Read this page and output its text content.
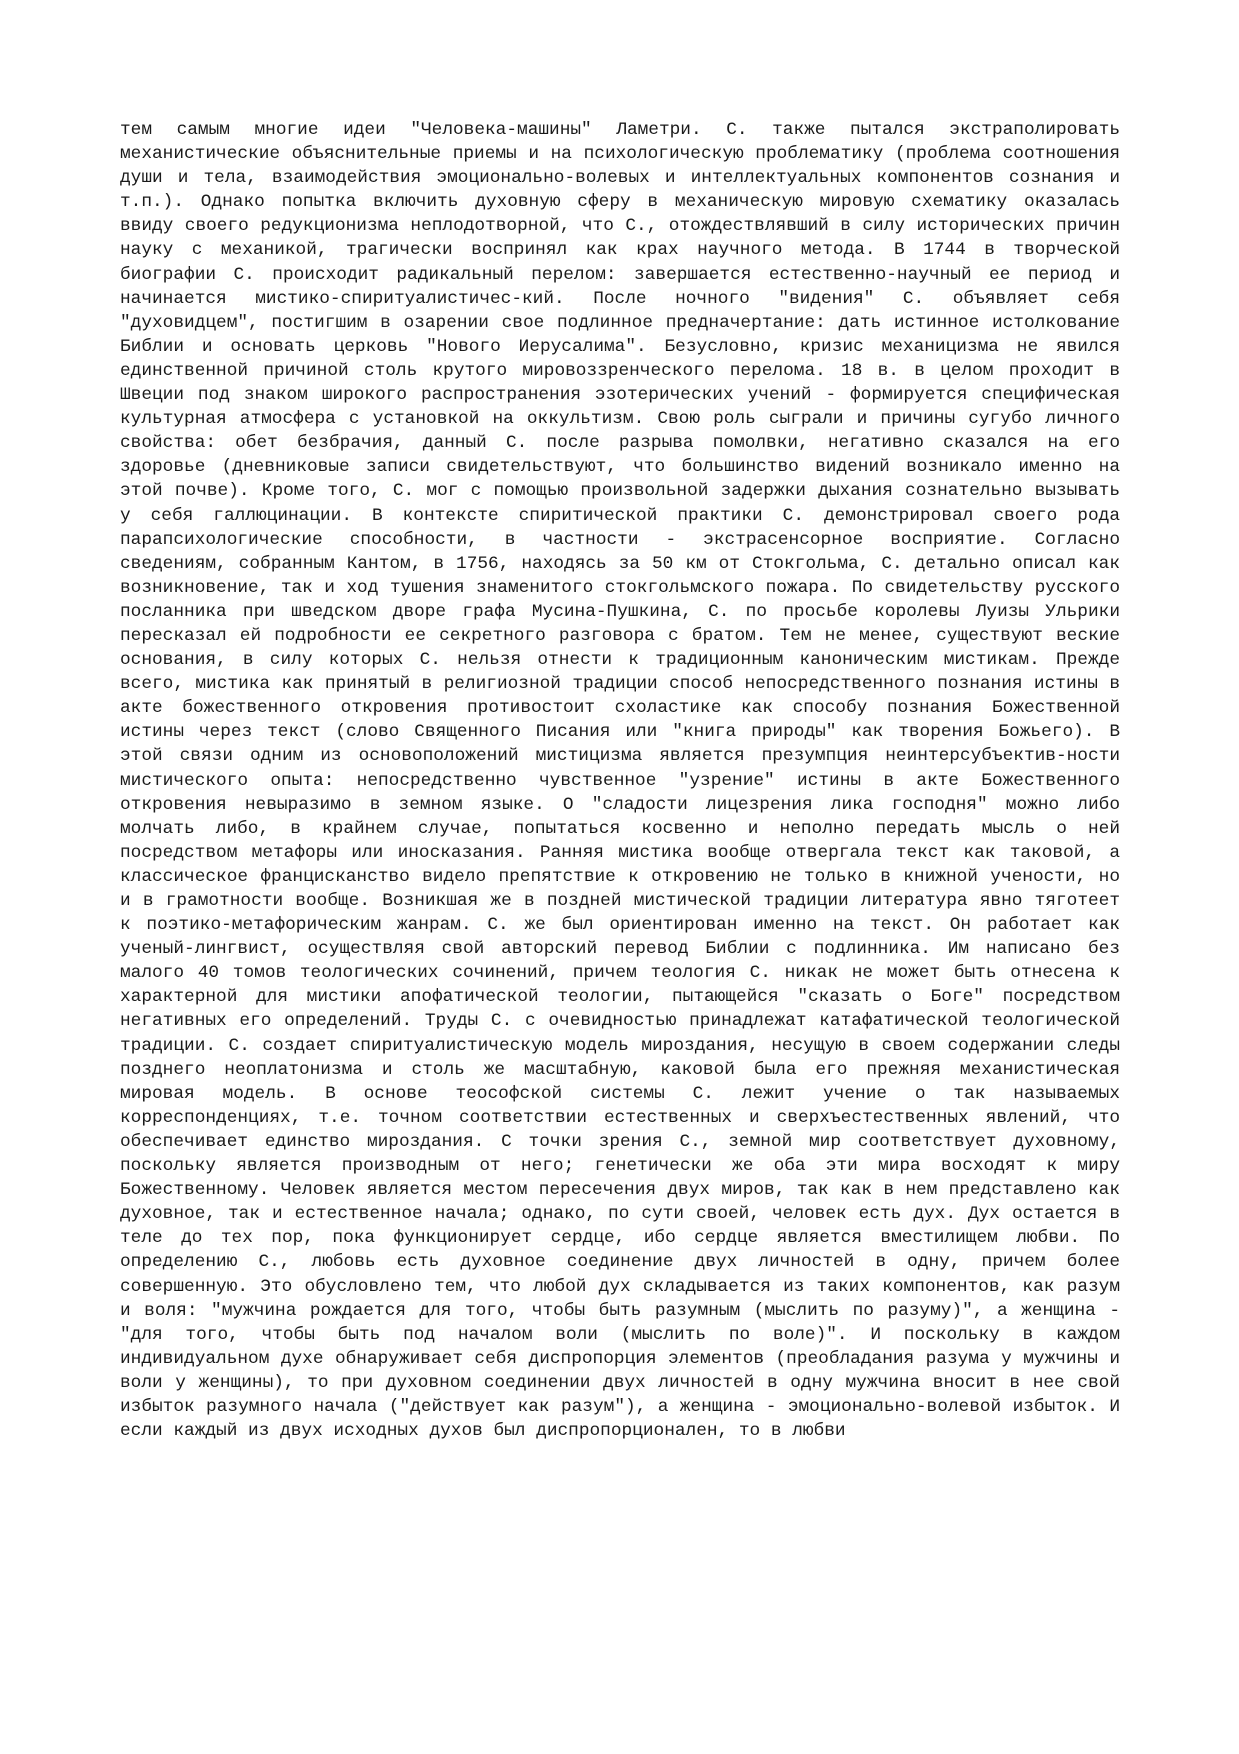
тем самым многие идеи "Человека-машины" Ламетри. С. также пытался экстраполировать механистические объяснительные приемы и на психологическую проблематику (проблема соотношения души и тела, взаимодействия эмоционально-волевых и интеллектуальных компонентов сознания и т.п.). Однако попытка включить духовную сферу в механическую мировую схематику оказалась ввиду своего редукционизма неплодотворной, что С., отождествлявший в силу исторических причин науку с механикой, трагически воспринял как крах научного метода. В 1744 в творческой биографии С. происходит радикальный перелом: завершается естественно-научный ее период и начинается мистико-спиритуалистичес-кий. После ночного "видения" С. объявляет себя "духовидцем", постигшим в озарении свое подлинное предначертание: дать истинное истолкование Библии и основать церковь "Нового Иерусалима". Безусловно, кризис механицизма не явился единственной причиной столь крутого мировоззренческого перелома. 18 в. в целом проходит в Швеции под знаком широкого распространения эзотерических учений - формируется специфическая культурная атмосфера с установкой на оккультизм. Свою роль сыграли и причины сугубо личного свойства: обет безбрачия, данный С. после разрыва помолвки, негативно сказался на его здоровье (дневниковые записи свидетельствуют, что большинство видений возникало именно на этой почве). Кроме того, С. мог с помощью произвольной задержки дыхания сознательно вызывать у себя галлюцинации. В контексте спиритической практики С. демонстрировал своего рода парапсихологические способности, в частности - экстрасенсорное восприятие. Согласно сведениям, собранным Кантом, в 1756, находясь за 50 км от Стокгольма, С. детально описал как возникновение, так и ход тушения знаменитого стокгольмского пожара. По свидетельству русского посланника при шведском дворе графа Мусина-Пушкина, С. по просьбе королевы Луизы Ульрики пересказал ей подробности ее секретного разговора с братом. Тем не менее, существуют веские основания, в силу которых С. нельзя отнести к традиционным каноническим мистикам. Прежде всего, мистика как принятый в религиозной традиции способ непосредственного познания истины в акте божественного откровения противостоит схоластике как способу познания Божественной истины через текст (слово Священного Писания или "книга природы" как творения Божьего). В этой связи одним из основоположений мистицизма является презумпция неинтерсубъектив-ности мистического опыта: непосредственно чувственное "узрение" истины в акте Божественного откровения невыразимо в земном языке. О "сладости лицезрения лика господня" можно либо молчать либо, в крайнем случае, попытаться косвенно и неполно передать мысль о ней посредством метафоры или иносказания. Ранняя мистика вообще отвергала текст как таковой, а классическое францисканство видело препятствие к откровению не только в книжной учености, но и в грамотности вообще. Возникшая же в поздней мистической традиции литература явно тяготеет к поэтико-метафорическим жанрам. С. же был ориентирован именно на текст. Он работает как ученый-лингвист, осуществляя свой авторский перевод Библии с подлинника. Им написано без малого 40 томов теологических сочинений, причем теология С. никак не может быть отнесена к характерной для мистики апофатической теологии, пытающейся "сказать о Боге" посредством негативных его определений. Труды С. с очевидностью принадлежат катафатической теологической традиции. С. создает спиритуалистическую модель мироздания, несущую в своем содержании следы позднего неоплатонизма и столь же масштабную, каковой была его прежняя механистическая мировая модель. В основе теософской системы С. лежит учение о так называемых корреспонденциях, т.е. точном соответствии естественных и сверхъестественных явлений, что обеспечивает единство мироздания. С точки зрения С., земной мир соответствует духовному, поскольку является производным от него; генетически же оба эти мира восходят к миру Божественному. Человек является местом пересечения двух миров, так как в нем представлено как духовное, так и естественное начала; однако, по сути своей, человек есть дух. Дух остается в теле до тех пор, пока функционирует сердце, ибо сердце является вместилищем любви. По определению С., любовь есть духовное соединение двух личностей в одну, причем более совершенную. Это обусловлено тем, что любой дух складывается из таких компонентов, как разум и воля: "мужчина рождается для того, чтобы быть разумным (мыслить по разуму)", а женщина - "для того, чтобы быть под началом воли (мыслить по воле)". И поскольку в каждом индивидуальном духе обнаруживает себя диспропорция элементов (преобладания разума у мужчины и воли у женщины), то при духовном соединении двух личностей в одну мужчина вносит в нее свой избыток разумного начала ("действует как разум"), а женщина - эмоционально-волевой избыток. И если каждый из двух исходных духов был диспропорционален, то в любви
